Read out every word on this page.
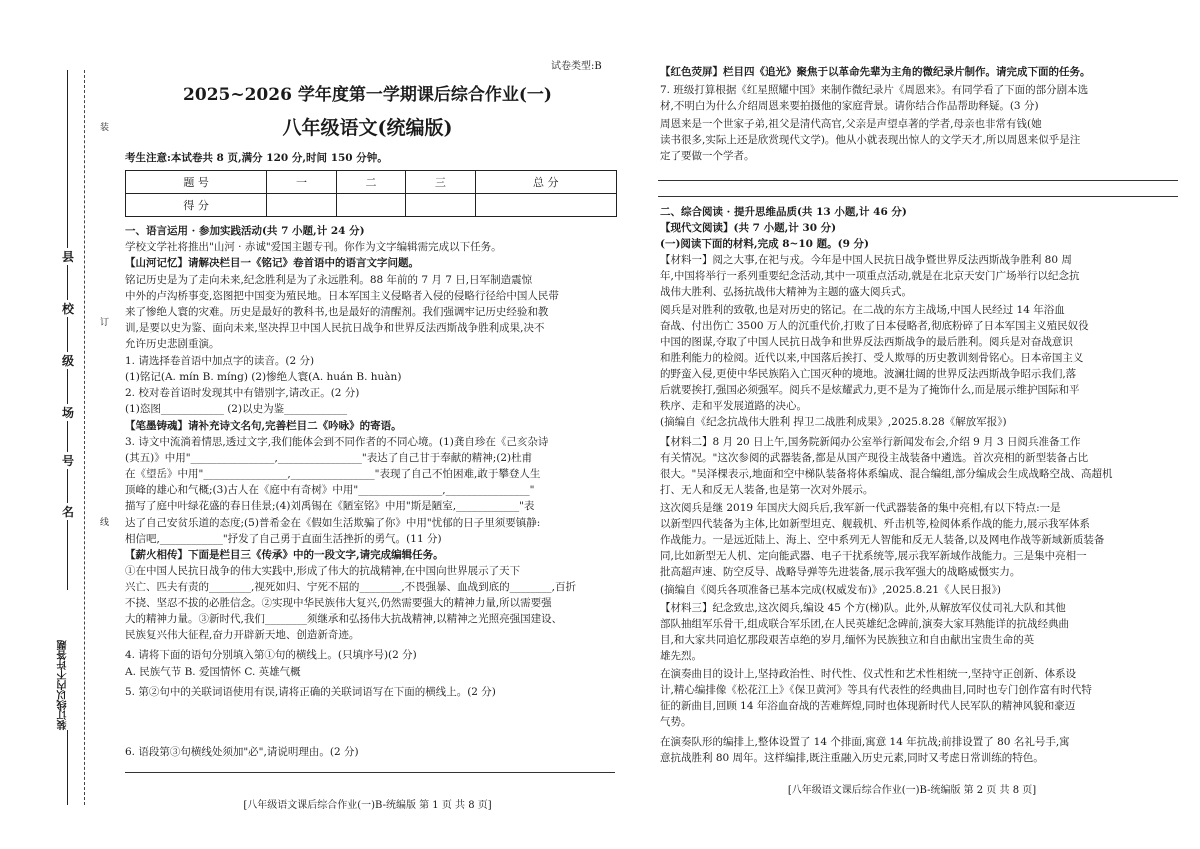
县
校
级
场
号
名
装订线以内不许答题
装
订
线
试卷类型:B
2025~2026 学年度第一学期课后综合作业(一)
八年级语文(统编版)
考生注意:本试卷共 8 页,满分 120 分,时间 150 分钟。
题 号	一	二	三	总 分
得 分				
一、语言运用 · 参加实践活动(共 7 小题,计 24 分)
学校文学社将推出"山河 · 赤诚"爱国主题专刊。你作为文字编辑需完成以下任务。
【山河记忆】请解决栏目一《铭记》卷首语中的语言文字问题。
铭记历史是为了走向未来,纪念胜利是为了永远胜利。88 年前的 7 月 7 日,日军制造震惊
中外的卢沟桥事变,恣图把中国变为殖民地。日本军国主义侵略者入侵的侵略行径给中国人民带
来了惨绝人寰的灾难。历史是最好的教科书,也是最好的清醒剂。我们强调牢记历史经验和教
训,是要以史为鉴、面向未来,坚决捍卫中国人民抗日战争和世界反法西斯战争胜利成果,决不
允许历史悲剧重演。
1. 请选择卷首语中加点字的读音。(2 分)
(1)铭记(A. mín B. míng) (2)惨绝人寰(A. huán B. huàn)
2. 校对卷首语时发现其中有错别字,请改正。(2 分)
(1)恣图____________ (2)以史为鉴____________
【笔墨铸魂】请补充诗文名句,完善栏目二《吟咏》的寄语。
3. 诗文中流淌着情思,透过文字,我们能体会到不同作者的不同心境。(1)龚自珍在《己亥杂诗
(其五)》中用"________________,________________"表达了自己甘于奉献的精神;(2)杜甫
在《望岳》中用"________________,________________"表现了自己不怕困难,敢于攀登人生
顶峰的雄心和气概;(3)古人在《庭中有奇树》中用"________________,________________"
描写了庭中叶绿花盛的春日佳景;(4)刘禹锡在《陋室铭》中用"斯是陋室,____________"表
达了自己安贫乐道的态度;(5)普希金在《假如生活欺骗了你》中用"忧郁的日子里须要镇静:
相信吧,____________"抒发了自己勇于直面生活挫折的勇气。(11 分)
【薪火相传】下面是栏目三《传承》中的一段文字,请完成编辑任务。
①在中国人民抗日战争的伟大实践中,形成了伟大的抗战精神,在中国向世界展示了天下
兴亡、匹夫有责的________,视死如归、宁死不屈的________,不畏强暴、血战到底的________,百折
不挠、坚忍不拔的必胜信念。②实现中华民族伟大复兴,仍然需要强大的精神力量,所以需要强
大的精神力量。③新时代,我们________须继承和弘扬伟大抗战精神,以精神之光照亮强国建设、
民族复兴伟大征程,奋力开辟新天地、创造新奇迹。
4. 请将下面的语句分别填入第①句的横线上。(只填序号)(2 分)
A. 民族气节 B. 爱国情怀 C. 英雄气概
5. 第②句中的关联词语使用有误,请将正确的关联词语写在下面的横线上。(2 分)
6. 语段第③句横线处须加"必",请说明理由。(2 分)
[八年级语文课后综合作业(一)B-统编版 第 1 页 共 8 页]
【红色荧屏】栏目四《追光》聚焦于以革命先辈为主角的微纪录片制作。请完成下面的任务。
7. 班级打算根据《红星照耀中国》来制作微纪录片《周恩来》。有同学看了下面的部分剧本选
材,不明白为什么介绍周恩来要拍摄他的家庭背景。请你结合作品帮助释疑。(3 分)
周恩来是一个世家子弟,祖父是清代高官,父亲是声望卓著的学者,母亲也非常有钱(她
读书很多,实际上还是欣赏现代文学)。他从小就表现出惊人的文学天才,所以周恩来似乎是注
定了要做一个学者。
二、综合阅读 · 提升思维品质(共 13 小题,计 46 分)
【现代文阅读】(共 7 小题,计 30 分)
(一)阅读下面的材料,完成 8~10 题。(9 分)
【材料一】阅之大事,在祀与戎。今年是中国人民抗日战争暨世界反法西斯战争胜利 80 周
年,中国将举行一系列重要纪念活动,其中一项重点活动,就是在北京天安门广场举行以纪念抗
战伟大胜利、弘扬抗战伟大精神为主题的盛大阅兵式。
阅兵是对胜利的致敬,也是对历史的铭记。在二战的东方主战场,中国人民经过 14 年浴血
奋战、付出伤亡 3500 万人的沉重代价,打败了日本侵略者,彻底粉碎了日本军国主义殖民奴役
中国的图谋,夺取了中国人民抗日战争和世界反法西斯战争的最后胜利。阅兵是对奋战意识
和胜利能力的检阅。近代以来,中国落后挨打、受人欺辱的历史教训刻骨铭心。日本帝国主义
的野蛮入侵,更使中华民族陷入亡国灭种的境地。波澜壮阔的世界反法西斯战争昭示我们,落
后就要挨打,强国必须强军。阅兵不是炫耀武力,更不是为了掩饰什么,而是展示维护国际和平
秩序、走和平发展道路的决心。
(摘编自《纪念抗战伟大胜利 捍卫二战胜利成果》,2025.8.28《解放军报》)
【材料二】8 月 20 日上午,国务院新闻办公室举行新闻发布会,介绍 9 月 3 日阅兵准备工作
有关情况。"这次参阅的武器装备,都是从国产现役主战装备中遴选。首次亮相的新型装备占比
很大。"吴泽棵表示,地面和空中梯队装备将体系编成、混合编组,部分编成会生成战略空战、高超机
打、无人和反无人装备,也是第一次对外展示。
这次阅兵是继 2019 年国庆大阅兵后,我军新一代武器装备的集中亮相,有以下特点:一是
以新型四代装备为主体,比如新型坦克、舰载机、歼击机等,检阅体系作战的能力,展示我军体系
作战能力。一是远近陆上、海上、空中系列无人智能和反无人装备,以及网电作战等新域新质装备
同,比如新型无人机、定向能武器、电子干扰系统等,展示我军新域作战能力。三是集中亮相一
批高超声速、防空反导、战略导弹等先进装备,展示我军强大的战略威慑实力。
(摘编自《阅兵各项准备已基本完成(权威发布)》,2025.8.21《人民日报》)
【材料三】纪念致忠,这次阅兵,编设 45 个方(梯)队。此外,从解放军仪仗司礼大队和其他
部队抽组军乐骨干,组成联合军乐团,在人民英雄纪念碑前,演奏大家耳熟能详的抗战经典曲
目,和大家共同追忆那段艰苦卓绝的岁月,缅怀为民族独立和自由献出宝贵生命的英
雄先烈。
在演奏曲目的设计上,坚持政治性、时代性、仪式性和艺术性相统一,坚持守正创新、体系设
计,精心编排像《松花江上》《保卫黄河》等具有代表性的经典曲目,同时也专门创作富有时代特
征的新曲目,回顾 14 年浴血奋战的苦难辉煌,同时也体现新时代人民军队的精神风貌和豪迈
气势。
在演奏队形的编排上,整体设置了 14 个排面,寓意 14 年抗战;前排设置了 80 名礼号手,寓
意抗战胜利 80 周年。这样编排,既注重融入历史元素,同时又考虑日常训练的特色。
[八年级语文课后综合作业(一)B-统编版 第 2 页 共 8 页]
